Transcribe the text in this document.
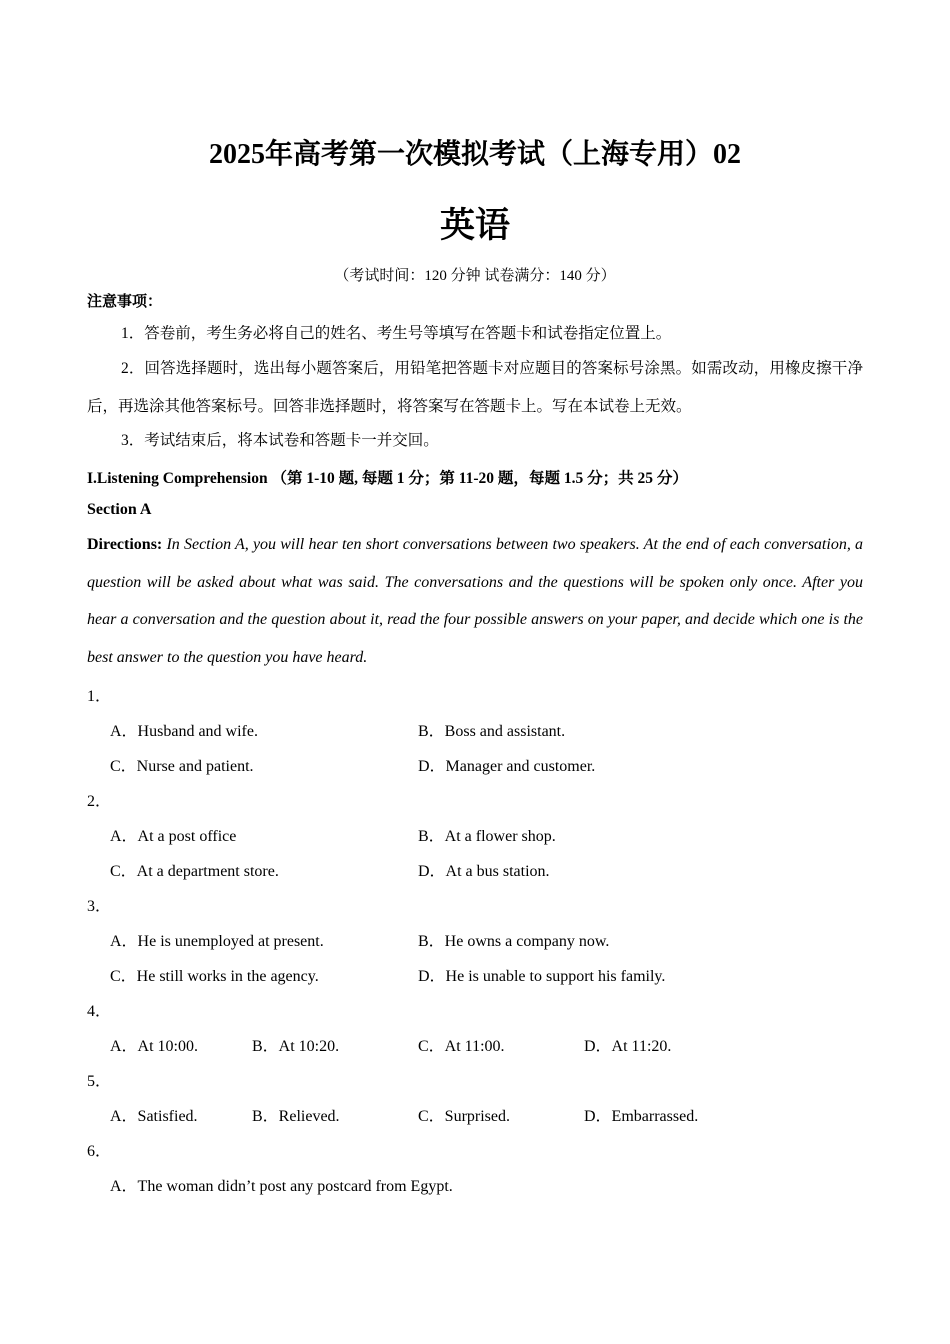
2025年高考第一次模拟考试（上海专用）02
英语
（考试时间：120 分钟 试卷满分：140 分）
注意事项：
1．答卷前，考生务必将自己的姓名、考生号等填写在答题卡和试卷指定位置上。
2．回答选择题时，选出每小题答案后，用铅笔把答题卡对应题目的答案标号涂黑。如需改动，用橡皮擦干净后，再选涂其他答案标号。回答非选择题时，将答案写在答题卡上。写在本试卷上无效。
3．考试结束后，将本试卷和答题卡一并交回。
I.Listening Comprehension （第 1-10 题, 每题 1 分；第 11-20 题，每题 1.5 分；共 25 分）
Section A
Directions: In Section A, you will hear ten short conversations between two speakers. At the end of each conversation, a question will be asked about what was said. The conversations and the questions will be spoken only once. After you hear a conversation and the question about it, read the four possible answers on your paper, and decide which one is the best answer to the question you have heard.
1．
A．Husband and wife.	B．Boss and assistant.
C．Nurse and patient.	D．Manager and customer.
2．
A．At a post office	B．At a flower shop.
C．At a department store.	D．At a bus station.
3．
A．He is unemployed at present.	B．He owns a company now.
C．He still works in the agency.	D．He is unable to support his family.
4．
A．At 10:00.	B．At 10:20.	C．At 11:00.	D．At 11:20.
5．
A．Satisfied.	B．Relieved.	C．Surprised.	D．Embarrassed.
6．
A．The woman didn’t post any postcard from Egypt.
